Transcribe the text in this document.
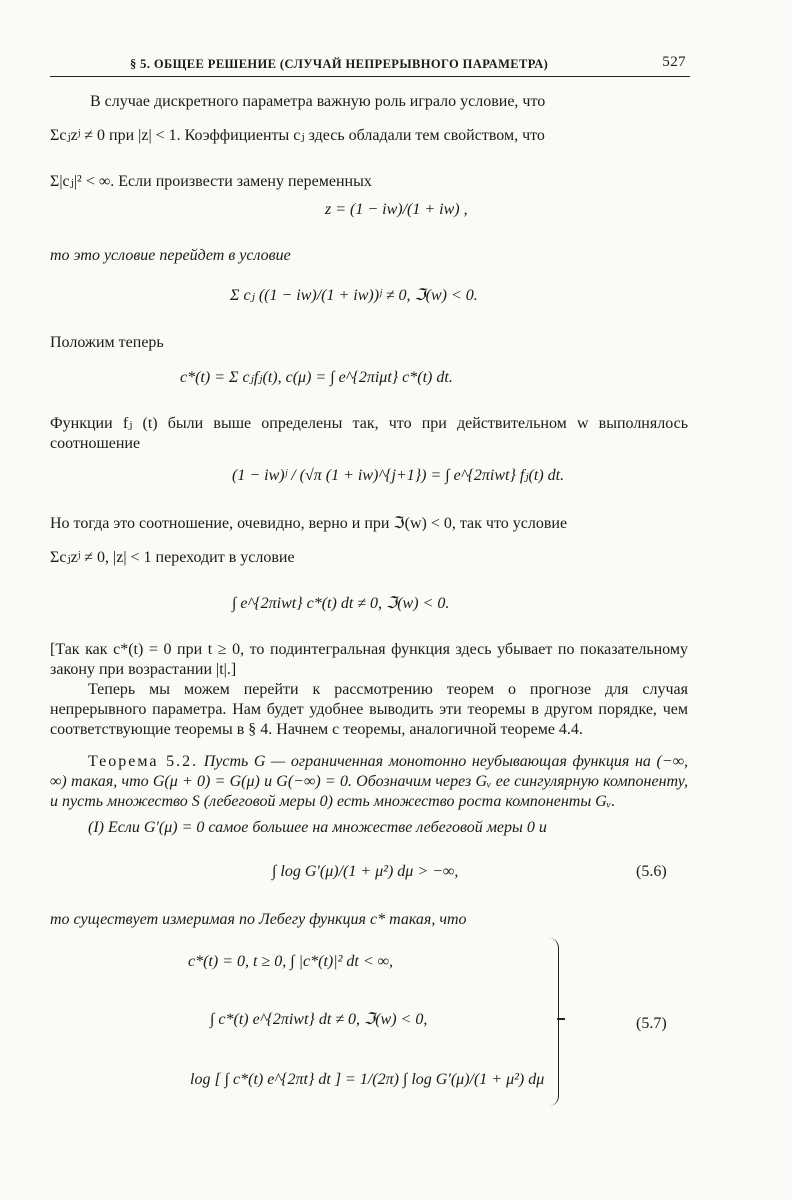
§ 5. ОБЩЕЕ РЕШЕНИЕ (СЛУЧАЙ НЕПРЕРЫВНОГО ПАРАМЕТРА)	527
В случае дискретного параметра важную роль играло условие, что
Σcⱼzʲ ≠ 0 при |z| < 1. Коэффициенты cⱼ здесь обладали тем свойством, что
Σ|cⱼ|² < ∞. Если произвести замену переменных
z = (1 − iw)/(1 + iw) ,
то это условие перейдет в условие
Σ cⱼ ((1 − iw)/(1 + iw))ʲ ≠ 0, ℑ(w) < 0.
Положим теперь
c*(t) = Σ cⱼfⱼ(t), c(μ) = ∫ e^{2πiμt} c*(t) dt.
Функции fⱼ (t) были выше определены так, что при действительном w выполнялось соотношение
(1 − iw)ʲ / (√π (1 + iw)^{j+1}) = ∫ e^{2πiwt} fⱼ(t) dt.
Но тогда это соотношение, очевидно, верно и при ℑ(w) < 0, так что условие
Σcⱼzʲ ≠ 0, |z| < 1 переходит в условие
∫ e^{2πiwt} c*(t) dt ≠ 0, ℑ(w) < 0.
[Так как c*(t) = 0 при t ≥ 0, то подинтегральная функция здесь убывает по показательному закону при возрастании |t|.]
Теперь мы можем перейти к рассмотрению теорем о прогнозе для случая непрерывного параметра. Нам будет удобнее выводить эти теоремы в другом порядке, чем соответствующие теоремы в § 4. Начнем с теоремы, аналогичной теореме 4.4.
Теорема 5.2. Пусть G — ограниченная монотонно неубывающая функция на (−∞, ∞) такая, что G(μ + 0) = G(μ) и G(−∞) = 0. Обозначим через Gᵥ ее сингулярную компоненту, и пусть множество S (лебеговой меры 0) есть множество роста компоненты Gᵥ.
(I) Если G′(μ) = 0 самое большее на множестве лебеговой меры 0 и
∫ log G′(μ)/(1 + μ²) dμ > −∞,	(5.6)
то существует измеримая по Лебегу функция c* такая, что
c*(t) = 0, t ≥ 0, ∫ |c*(t)|² dt < ∞,
∫ c*(t) e^{2πiwt} dt ≠ 0, ℑ(w) < 0,
log [ ∫ c*(t) e^{2πt} dt ] = 1/(2π) ∫ log G′(μ)/(1 + μ²) dμ
(5.7)
